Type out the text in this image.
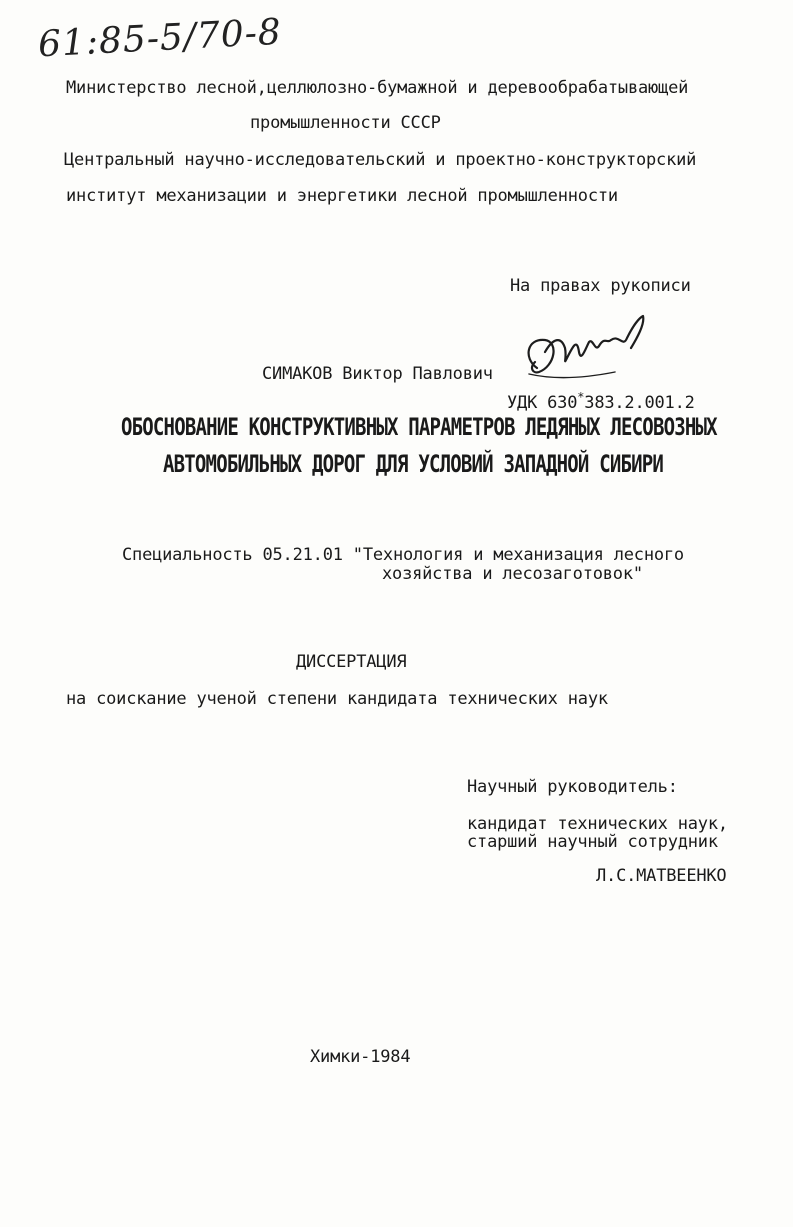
61:85-5/70-8
Министерство лесной,целлюлозно-бумажной и деревообрабатывающей
промышленности СССР
Центральный научно-исследовательский и проектно-конструкторский
институт механизации и энергетики лесной промышленности
На правах рукописи
СИМАКОВ Виктор Павлович
УДК 630*383.2.001.2
ОБОСНОВАНИЕ КОНСТРУКТИВНЫХ ПАРАМЕТРОВ ЛЕДЯНЫХ ЛЕСОВОЗНЫХ
АВТОМОБИЛЬНЫХ ДОРОГ ДЛЯ УСЛОВИЙ ЗАПАДНОЙ СИБИРИ
Специальность 05.21.01 "Технология и механизация лесного
хозяйства и лесозаготовок"
ДИССЕРТАЦИЯ
на соискание ученой степени кандидата технических наук
Научный руководитель:
кандидат технических наук,
старший научный сотрудник
Л.С.МАТВЕЕНКО
Химки-1984
